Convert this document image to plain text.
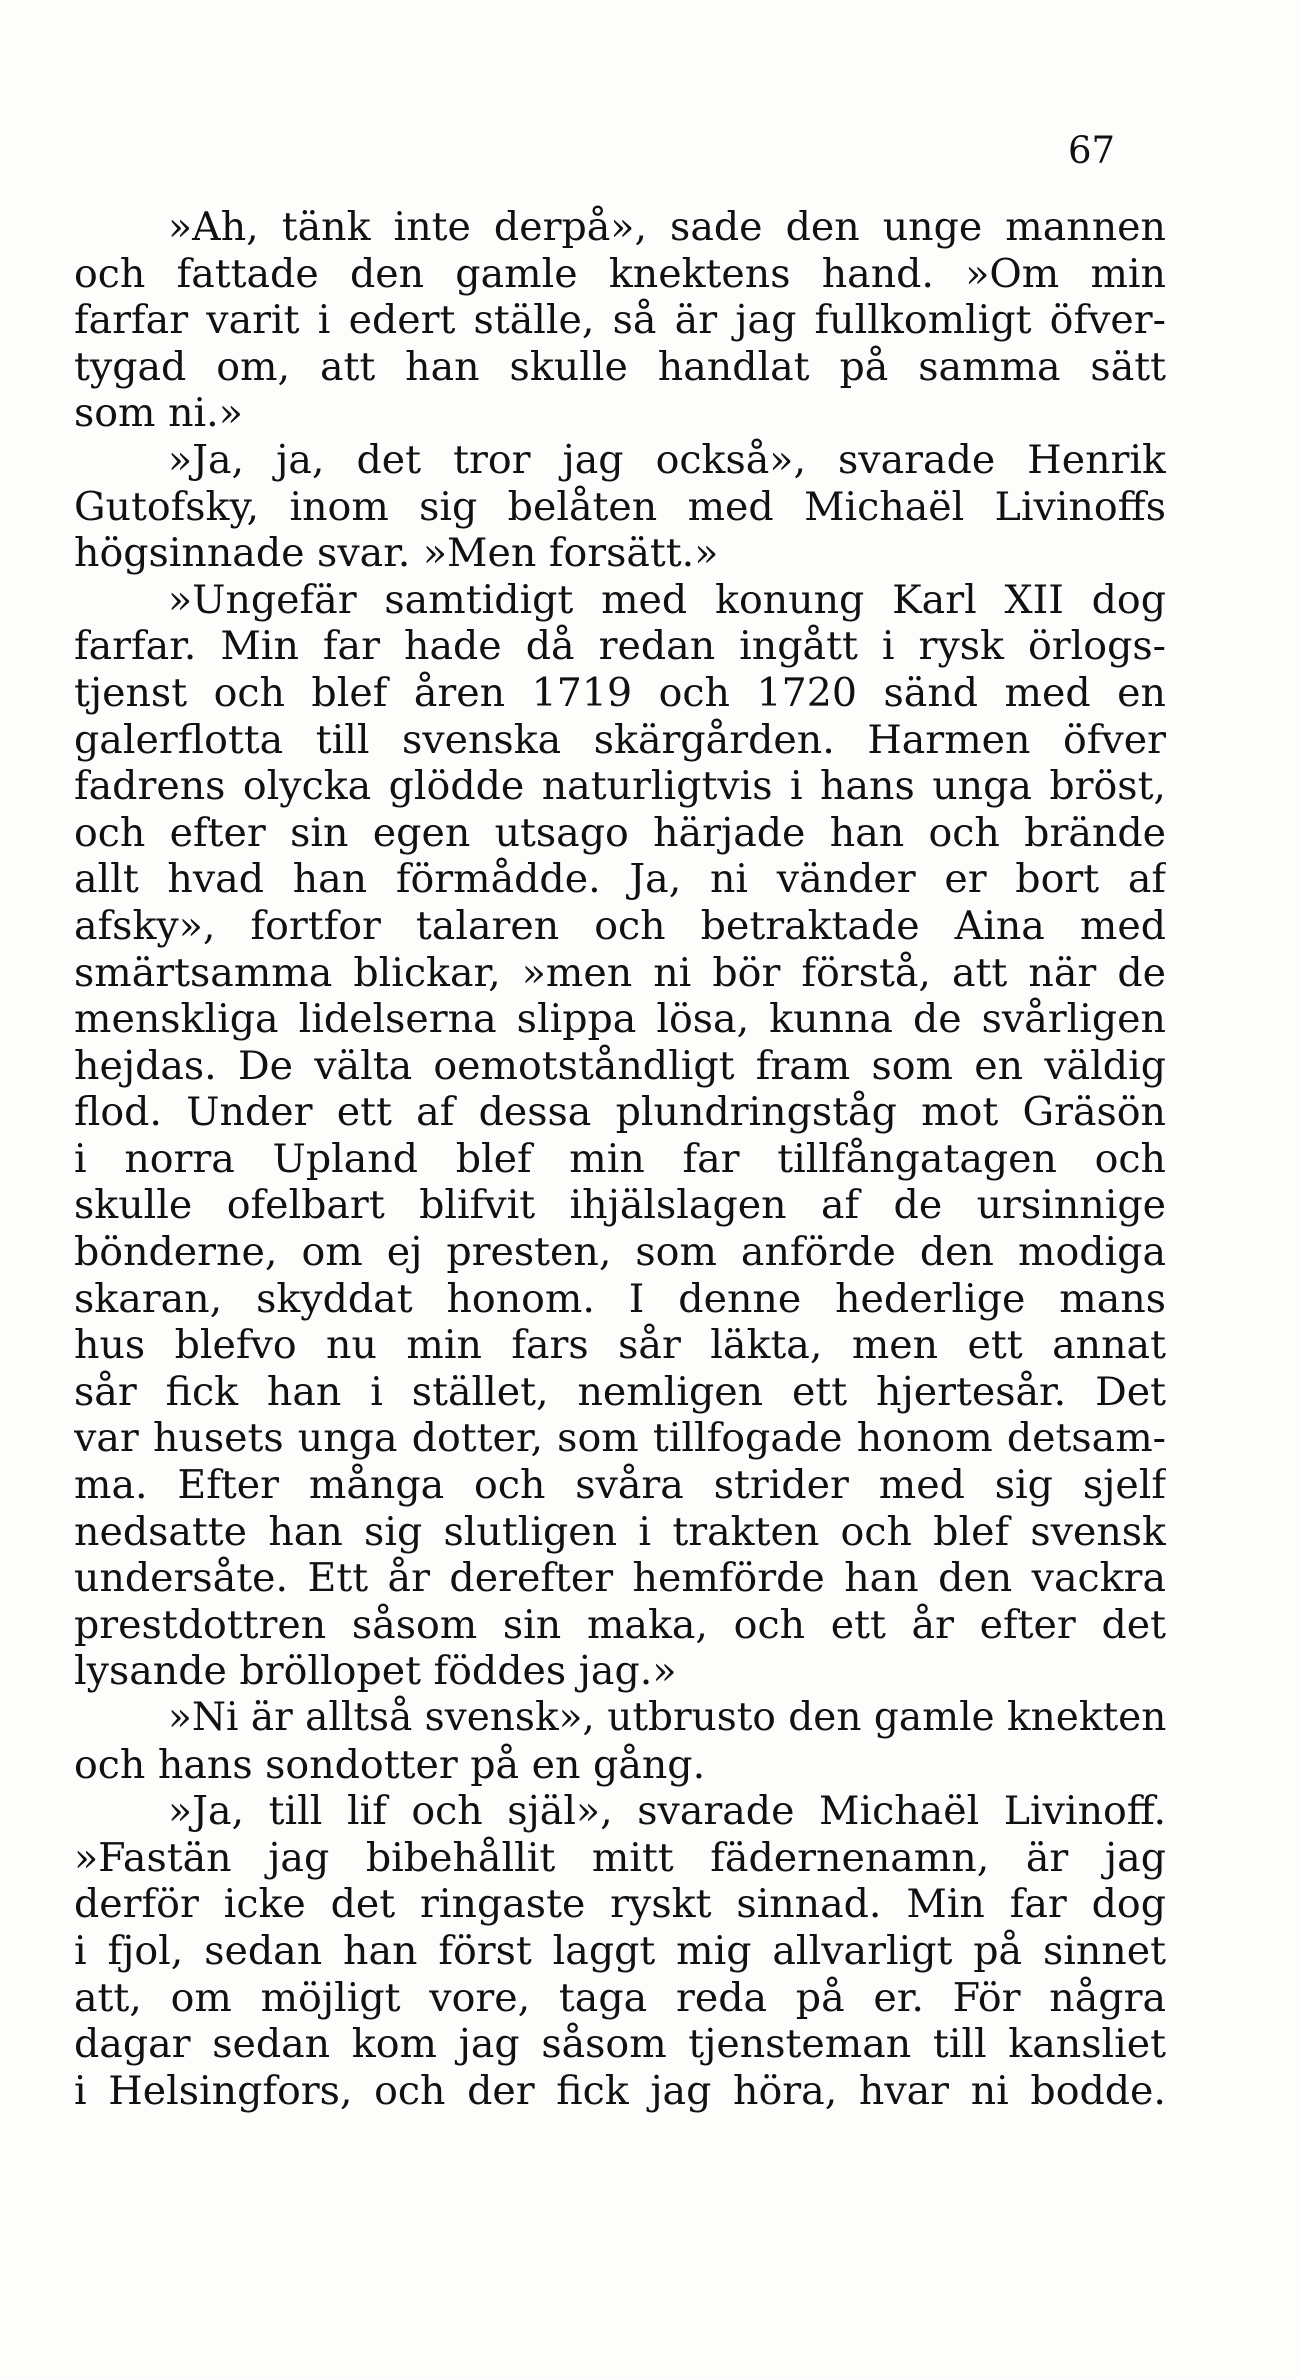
67
»Ah, tänk inte derpå», sade den unge mannen
och fattade den gamle knektens hand. »Om min
farfar varit i edert ställe, så är jag fullkomligt öfver-
tygad om, att han skulle handlat på samma sätt
som ni.»
»Ja, ja, det tror jag också», svarade Henrik
Gutofsky, inom sig belåten med Michaël Livinoffs
högsinnade svar. »Men forsätt.»
»Ungefär samtidigt med konung Karl XII dog
farfar. Min far hade då redan ingått i rysk örlogs-
tjenst och blef åren 1719 och 1720 sänd med en
galerflotta till svenska skärgården. Harmen öfver
fadrens olycka glödde naturligtvis i hans unga bröst,
och efter sin egen utsago härjade han och brände
allt hvad han förmådde. Ja, ni vänder er bort af
afsky», fortfor talaren och betraktade Aina med
smärtsamma blickar, »men ni bör förstå, att när de
menskliga lidelserna slippa lösa, kunna de svårligen
hejdas. De välta oemotståndligt fram som en väldig
flod. Under ett af dessa plundringståg mot Gräsön
i norra Upland blef min far tillfångatagen och
skulle ofelbart blifvit ihjälslagen af de ursinnige
bönderne, om ej presten, som anförde den modiga
skaran, skyddat honom. I denne hederlige mans
hus blefvo nu min fars sår läkta, men ett annat
sår fick han i stället, nemligen ett hjertesår. Det
var husets unga dotter, som tillfogade honom detsam-
ma. Efter många och svåra strider med sig sjelf
nedsatte han sig slutligen i trakten och blef svensk
undersåte. Ett år derefter hemförde han den vackra
prestdottren såsom sin maka, och ett år efter det
lysande bröllopet föddes jag.»
»Ni är alltså svensk», utbrusto den gamle knekten
och hans sondotter på en gång.
»Ja, till lif och själ», svarade Michaël Livinoff.
»Fastän jag bibehållit mitt fädernenamn, är jag
derför icke det ringaste ryskt sinnad. Min far dog
i fjol, sedan han först laggt mig allvarligt på sinnet
att, om möjligt vore, taga reda på er. För några
dagar sedan kom jag såsom tjensteman till kansliet
i Helsingfors, och der fick jag höra, hvar ni bodde.
